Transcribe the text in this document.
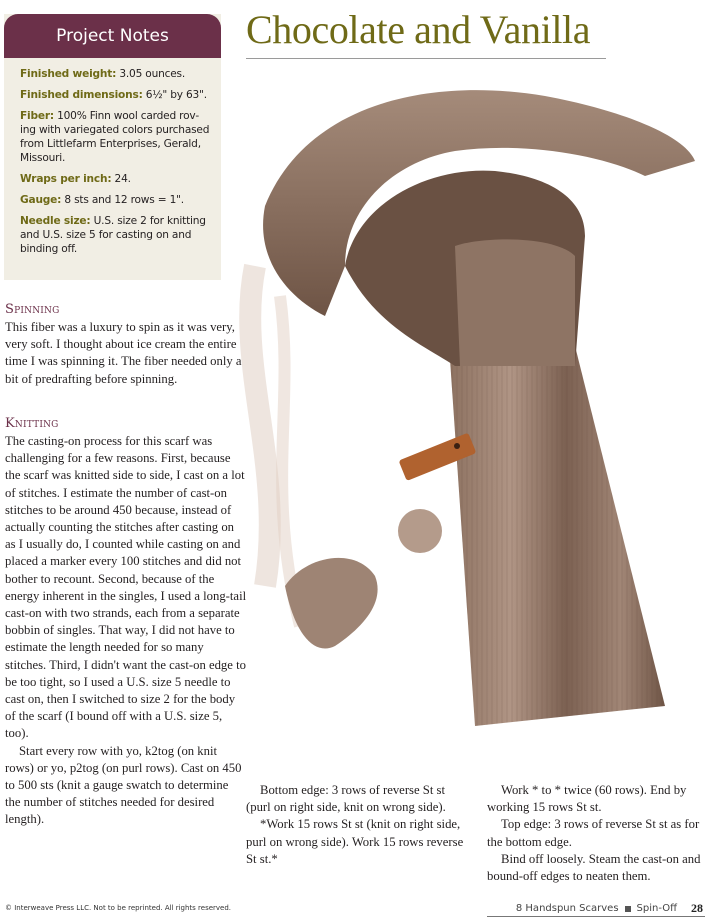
Project Notes
Finished weight: 3.05 ounces.
Finished dimensions: 6½" by 63".
Fiber: 100% Finn wool carded roving with variegated colors purchased from Littlefarm Enterprises, Gerald, Missouri.
Wraps per inch: 24.
Gauge: 8 sts and 12 rows = 1".
Needle size: U.S. size 2 for knitting and U.S. size 5 for casting on and binding off.
Spinning

This fiber was a luxury to spin as it was very, very soft. I thought about ice cream the entire time I was spinning it. The fiber needed only a bit of predrafting before spinning.

Knitting

The casting-on process for this scarf was challenging for a few reasons. First, because the scarf was knitted side to side, I cast on a lot of stitches. I estimate the number of cast-on stitches to be around 450 because, instead of actually counting the stitches after casting on as I usually do, I counted while casting on and placed a marker every 100 stitches and did not bother to recount. Second, because of the energy inherent in the singles, I used a long-tail cast-on with two strands, each from a separate bobbin of singles. That way, I did not have to estimate the length needed for so many stitches. Third, I didn't want the cast-on edge to be too tight, so I used a U.S. size 5 needle to cast on, then I switched to size 2 for the body of the scarf (I bound off with a U.S. size 5, too).

Start every row with yo, k2tog (on knit rows) or yo, p2tog (on purl rows). Cast on 450 to 500 sts (knit a gauge swatch to determine the number of stitches needed for desired length).

Chocolate and Vanilla

Bottom edge: 3 rows of reverse St st (purl on right side, knit on wrong side).

*Work 15 rows St st (knit on right side, purl on wrong side). Work 15 rows reverse St st.*

Work * to * twice (60 rows). End by working 15 rows St st.

Top edge: 3 rows of reverse St st as for the bottom edge.

Bind off loosely. Steam the cast-on and bound-off edges to neaten them.

© Interweave Press LLC. Not to be reprinted. All rights reserved.	8 Handspun Scarves Spin-Off 28
